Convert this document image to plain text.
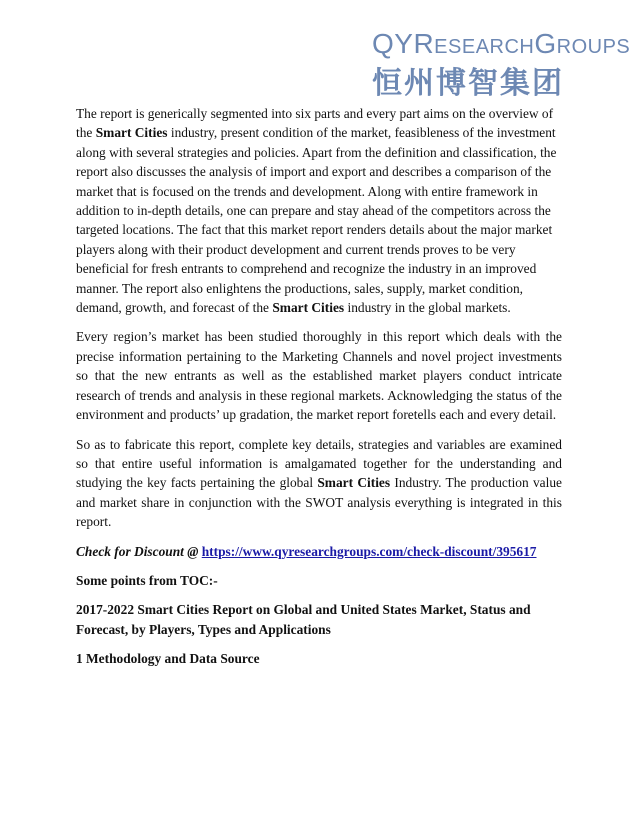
QYResearchGroups
恒州博智集团

The report is generically segmented into six parts and every part aims on the overview of the Smart Cities industry, present condition of the market, feasibleness of the investment along with several strategies and policies. Apart from the definition and classification, the report also discusses the analysis of import and export and describes a comparison of the market that is focused on the trends and development. Along with entire framework in addition to in-depth details, one can prepare and stay ahead of the competitors across the targeted locations. The fact that this market report renders details about the major market players along with their product development and current trends proves to be very beneficial for fresh entrants to comprehend and recognize the industry in an improved manner. The report also enlightens the productions, sales, supply, market condition, demand, growth, and forecast of the Smart Cities industry in the global markets.

Every region’s market has been studied thoroughly in this report which deals with the precise information pertaining to the Marketing Channels and novel project investments so that the new entrants as well as the established market players conduct intricate research of trends and analysis in these regional markets. Acknowledging the status of the environment and products’ up gradation, the market report foretells each and every detail.

So as to fabricate this report, complete key details, strategies and variables are examined so that entire useful information is amalgamated together for the understanding and studying the key facts pertaining the global Smart Cities Industry. The production value and market share in conjunction with the SWOT analysis everything is integrated in this report.

Check for Discount @ https://www.qyresearchgroups.com/check-discount/395617

Some points from TOC:-

2017-2022 Smart Cities Report on Global and United States Market, Status and Forecast, by Players, Types and Applications

1 Methodology and Data Source
